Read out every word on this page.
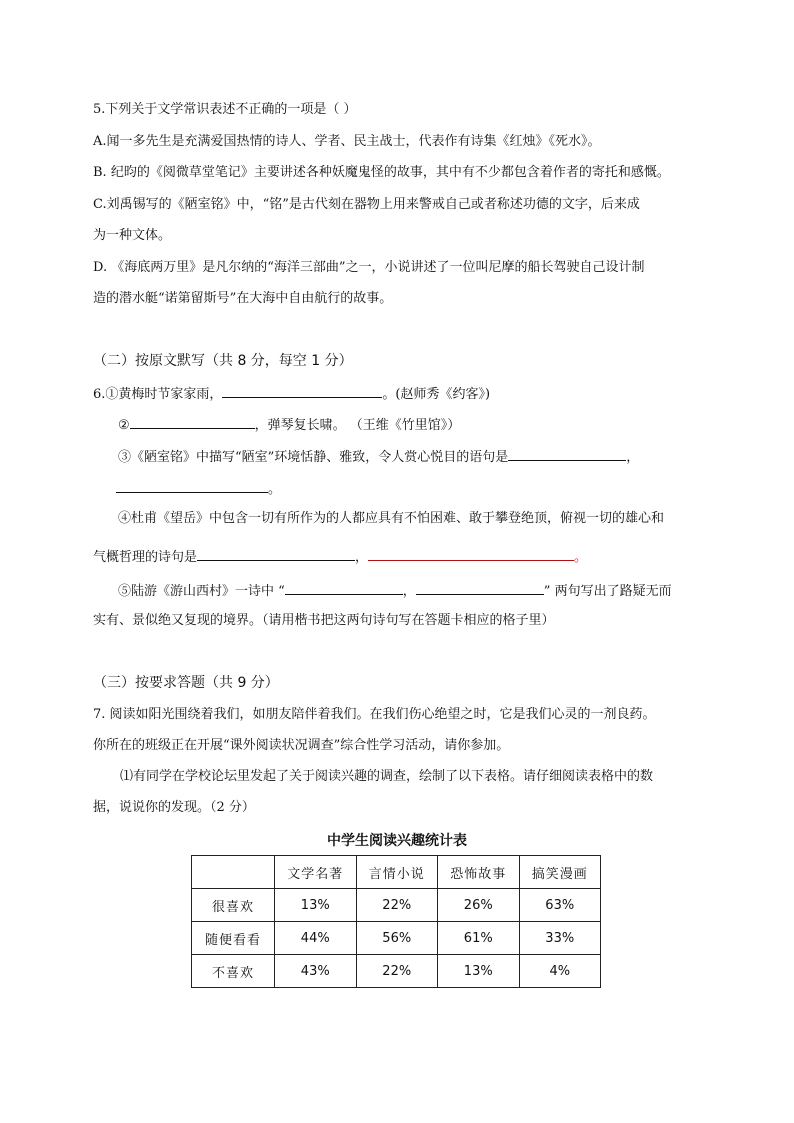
5.下列关于文学常识表述不正确的一项是（ ）
A.闻一多先生是充满爱国热情的诗人、学者、民主战士，代表作有诗集《红烛》《死水》。
B. 纪昀的《阅微草堂笔记》主要讲述各种妖魔鬼怪的故事，其中有不少都包含着作者的寄托和感慨。
C.刘禹锡写的《陋室铭》中，“铭”是古代刻在器物上用来警戒自己或者称述功德的文字，后来成
为一种文体。
D. 《海底两万里》是凡尔纳的“海洋三部曲”之一，小说讲述了一位叫尼摩的船长驾驶自己设计制
造的潜水艇“诺第留斯号”在大海中自由航行的故事。
（二）按原文默写（共 8 分，每空 1 分）
6.①黄梅时节家家雨，	。(赵师秀《约客》)
②	，弹琴复长啸。 （王维《竹里馆》）
③《陋室铭》中描写“陋室”环境恬静、雅致，令人赏心悦目的语句是	，
。
④杜甫《望岳》中包含一切有所作为的人都应具有不怕困难、敢于攀登绝顶，俯视一切的雄心和
气概哲理的诗句是	，	。
⑤陆游《游山西村》一诗中 “	，	” 两句写出了路疑无而
实有、景似绝又复现的境界。（请用楷书把这两句诗句写在答题卡相应的格子里）
（三）按要求答题（共 9 分）
7. 阅读如阳光围绕着我们，如朋友陪伴着我们。在我们伤心绝望之时，它是我们心灵的一剂良药。
你所在的班级正在开展“课外阅读状况调查”综合性学习活动，请你参加。
⑴有同学在学校论坛里发起了关于阅读兴趣的调查，绘制了以下表格。请仔细阅读表格中的数
据，说说你的发现。（2 分）
中学生阅读兴趣统计表
	文学名著	言情小说	恐怖故事	搞笑漫画
很喜欢	13%	22%	26%	63%
随便看看	44%	56%	61%	33%
不喜欢	43%	22%	13%	4%
